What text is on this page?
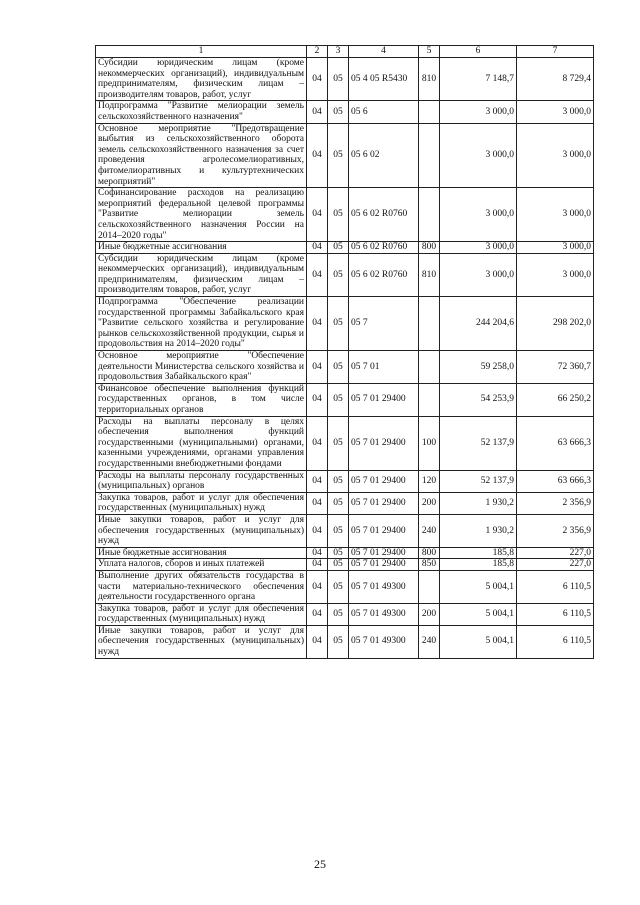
1	2	3	4	5	6	7
Субсидии юридическим лицам (кроме некоммерческих организаций), индивидуальным предпринимателям, физическим лицам – производителям товаров, работ, услуг	04	05	05 4 05 R5430	810	7 148,7	8 729,4
Подпрограмма "Развитие мелиорации земель сельскохозяйственного назначения"	04	05	05 6		3 000,0	3 000,0
Основное мероприятие "Предотвращение выбытия из сельскохозяйственного оборота земель сельскохозяйственного назначения за счет проведения агролесомелиоративных, фитомелиоративных и культуртехнических мероприятий"	04	05	05 6 02		3 000,0	3 000,0
Софинансирование расходов на реализацию мероприятий федеральной целевой программы "Развитие мелиорации земель сельскохозяйственного назначения России на 2014–2020 годы"	04	05	05 6 02 R0760		3 000,0	3 000,0
Иные бюджетные ассигнования	04	05	05 6 02 R0760	800	3 000,0	3 000,0
Субсидии юридическим лицам (кроме некоммерческих организаций), индивидуальным предпринимателям, физическим лицам – производителям товаров, работ, услуг	04	05	05 6 02 R0760	810	3 000,0	3 000,0
Подпрограмма "Обеспечение реализации государственной программы Забайкальского края "Развитие сельского хозяйства и регулирование рынков сельскохозяйственной продукции, сырья и продовольствия на 2014–2020 годы"	04	05	05 7		244 204,6	298 202,0
Основное мероприятие "Обеспечение деятельности Министерства сельского хозяйства и продовольствия Забайкальского края"	04	05	05 7 01		59 258,0	72 360,7
Финансовое обеспечение выполнения функций государственных органов, в том числе территориальных органов	04	05	05 7 01 29400		54 253,9	66 250,2
Расходы на выплаты персоналу в целях обеспечения выполнения функций государственными (муниципальными) органами, казенными учреждениями, органами управления государственными внебюджетными фондами	04	05	05 7 01 29400	100	52 137,9	63 666,3
Расходы на выплаты персоналу государственных (муниципальных) органов	04	05	05 7 01 29400	120	52 137,9	63 666,3
Закупка товаров, работ и услуг для обеспечения государственных (муниципальных) нужд	04	05	05 7 01 29400	200	1 930,2	2 356,9
Иные закупки товаров, работ и услуг для обеспечения государственных (муниципальных) нужд	04	05	05 7 01 29400	240	1 930,2	2 356,9
Иные бюджетные ассигнования	04	05	05 7 01 29400	800	185,8	227,0
Уплата налогов, сборов и иных платежей	04	05	05 7 01 29400	850	185,8	227,0
Выполнение других обязательств государства в части материально-технического обеспечения деятельности государственного органа	04	05	05 7 01 49300		5 004,1	6 110,5
Закупка товаров, работ и услуг для обеспечения государственных (муниципальных) нужд	04	05	05 7 01 49300	200	5 004,1	6 110,5
Иные закупки товаров, работ и услуг для обеспечения государственных (муниципальных) нужд	04	05	05 7 01 49300	240	5 004,1	6 110,5
25
